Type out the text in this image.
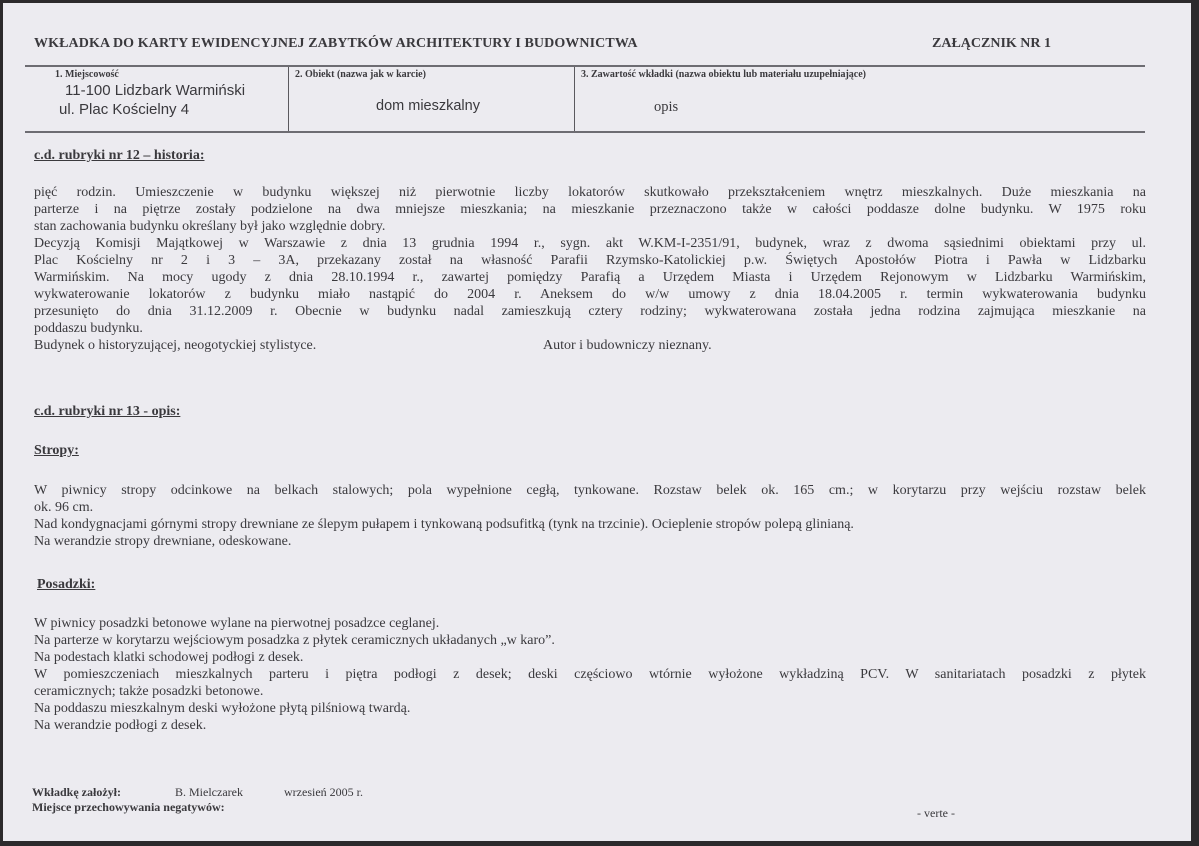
WKŁADKA DO KARTY EWIDENCYJNEJ ZABYTKÓW ARCHITEKTURY I BUDOWNICTWA	ZAŁĄCZNIK NR 1
1. Miejscowość
11-100 Lidzbark Warmiński
ul. Plac Kościelny 4
2. Obiekt (nazwa jak w karcie)
dom mieszkalny
3. Zawartość wkładki (nazwa obiektu lub materiału uzupełniające)
opis
c.d. rubryki nr 12 – historia:
pięć rodzin. Umieszczenie w budynku większej niż pierwotnie liczby lokatorów skutkowało przekształceniem wnętrz mieszkalnych. Duże mieszkania na
parterze i na piętrze zostały podzielone na dwa mniejsze mieszkania; na mieszkanie przeznaczono także w całości poddasze dolne budynku. W 1975 roku
stan zachowania budynku określany był jako względnie dobry.
Decyzją Komisji Majątkowej w Warszawie z dnia 13 grudnia 1994 r., sygn. akt W.KM-I-2351/91, budynek, wraz z dwoma sąsiednimi obiektami przy ul.
Plac Kościelny nr 2 i 3 – 3A, przekazany został na własność Parafii Rzymsko-Katolickiej p.w. Świętych Apostołów Piotra i Pawła w Lidzbarku
Warmińskim. Na mocy ugody z dnia 28.10.1994 r., zawartej pomiędzy Parafią a Urzędem Miasta i Urzędem Rejonowym w Lidzbarku Warmińskim,
wykwaterowanie lokatorów z budynku miało nastąpić do 2004 r. Aneksem do w/w umowy z dnia 18.04.2005 r. termin wykwaterowania budynku
przesunięto do dnia 31.12.2009 r. Obecnie w budynku nadal zamieszkują cztery rodziny; wykwaterowana została jedna rodzina zajmująca mieszkanie na
poddaszu budynku.
Budynek o historyzującej, neogotyckiej stylistyce.	Autor i budowniczy nieznany.
c.d. rubryki nr 13 - opis:
Stropy:
W piwnicy stropy odcinkowe na belkach stalowych; pola wypełnione cegłą, tynkowane. Rozstaw belek ok. 165 cm.; w korytarzu przy wejściu rozstaw belek
ok. 96 cm.
Nad kondygnacjami górnymi stropy drewniane ze ślepym pułapem i tynkowaną podsufitką (tynk na trzcinie). Ocieplenie stropów polepą glinianą.
Na werandzie stropy drewniane, odeskowane.
Posadzki:
W piwnicy posadzki betonowe wylane na pierwotnej posadzce ceglanej.
Na parterze w korytarzu wejściowym posadzka z płytek ceramicznych układanych „w karo”.
Na podestach klatki schodowej podłogi z desek.
W pomieszczeniach mieszkalnych parteru i piętra podłogi z desek; deski częściowo wtórnie wyłożone wykładziną PCV. W sanitariatach posadzki z płytek
ceramicznych; także posadzki betonowe.
Na poddaszu mieszkalnym deski wyłożone płytą pilśniową twardą.
Na werandzie podłogi z desek.
Wkładkę założył:	B. Mielczarek	wrzesień 2005 r.
Miejsce przechowywania negatywów:	- verte -
